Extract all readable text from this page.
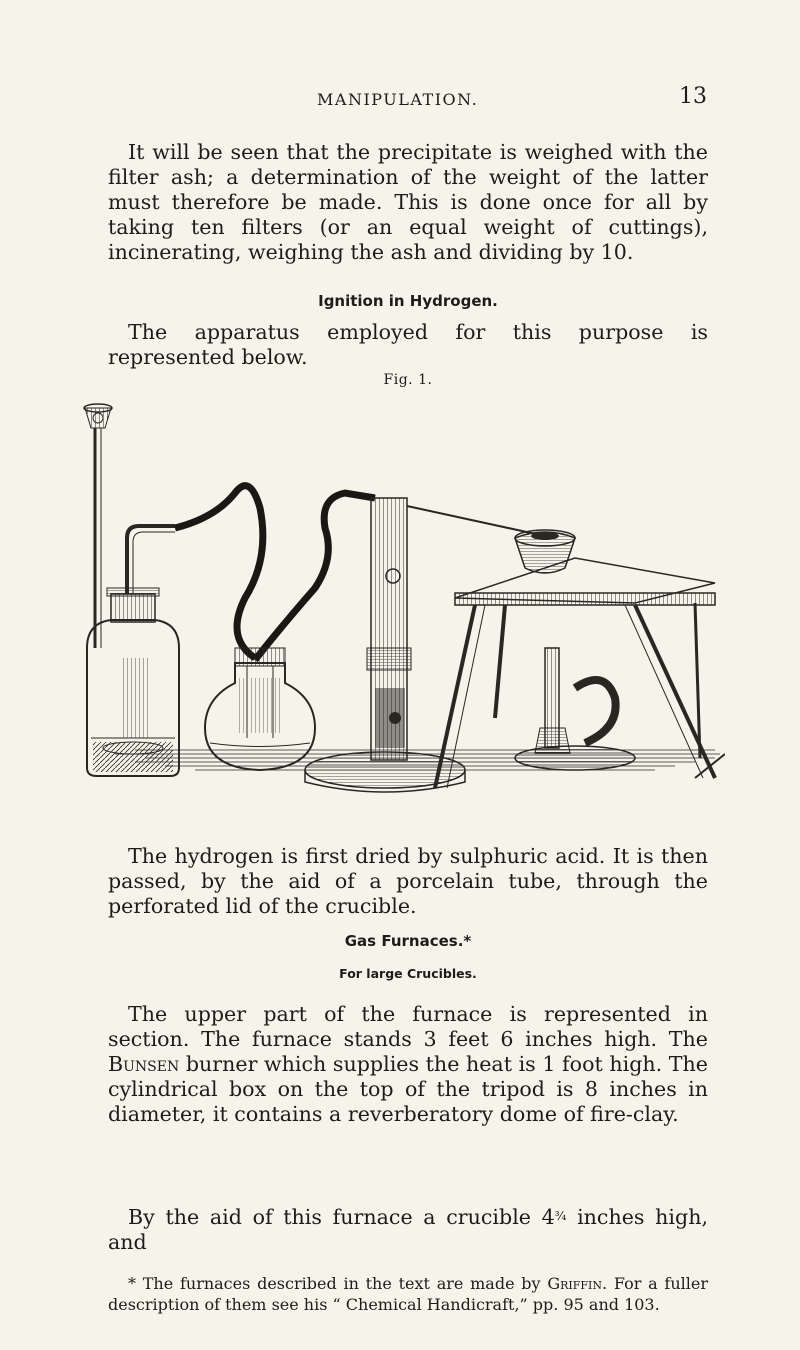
MANIPULATION.	13

It will be seen that the precipitate is weighed with the filter ash; a determination of the weight of the latter must therefore be made. This is done once for all by taking ten filters (or an equal weight of cuttings), incinerating, weighing the ash and dividing by 10.

Ignition in Hydrogen.

The apparatus employed for this purpose is represented below.

Fig. 1.

The hydrogen is first dried by sulphuric acid. It is then passed, by the aid of a porcelain tube, through the perforated lid of the crucible.

Gas Furnaces.*
For large Crucibles.

The upper part of the furnace is represented in section. The furnace stands 3 feet 6 inches high. The Bunsen burner which supplies the heat is 1 foot high. The cylindrical box on the top of the tripod is 8 inches in diameter, it contains a reverberatory dome of fire-clay.

By the aid of this furnace a crucible 4¾ inches high, and

* The furnaces described in the text are made by Griffin. For a fuller description of them see his “ Chemical Handicraft,” pp. 95 and 103.
